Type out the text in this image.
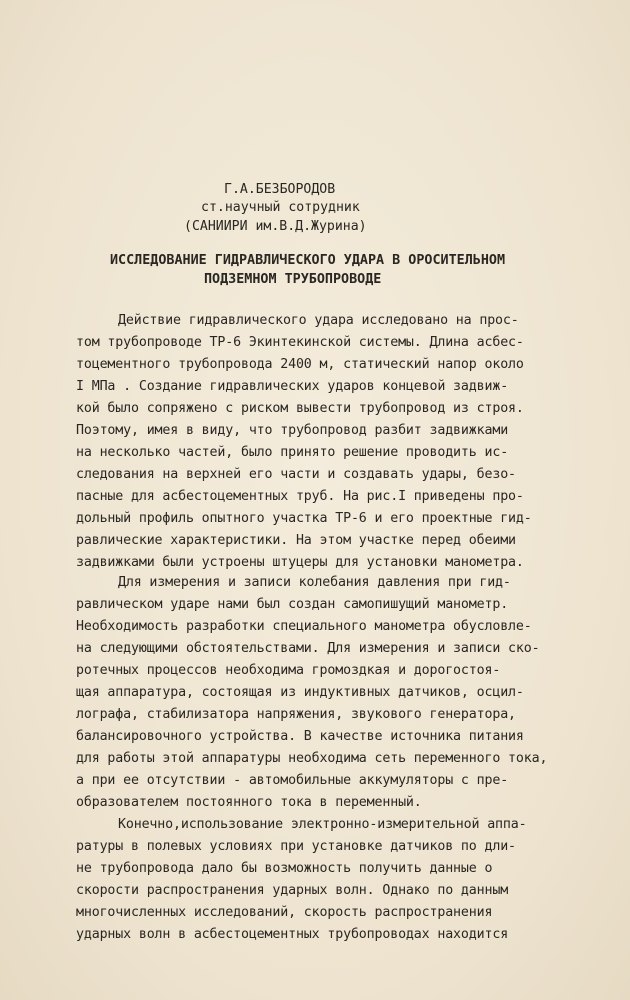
Г.А.БЕЗБОРОДОВ
ст.научный сотрудник
(САНИИРИ им.В.Д.Журина)
ИССЛЕДОВАНИЕ ГИДРАВЛИЧЕСКОГО УДАРА В ОРОСИТЕЛЬНОМ
ПОДЗЕМНОМ ТРУБОПРОВОДЕ
Действие гидравлического удара исследовано на прос-
том трубопроводе ТР-6 Экинтекинской системы. Длина асбес-
тоцементного трубопровода 2400 м, статический напор около
I МПа . Создание гидравлических ударов концевой задвиж-
кой было сопряжено с риском вывести трубопровод из строя.
Поэтому, имея в виду, что трубопровод разбит задвижками
на несколько частей, было принято решение проводить ис-
следования на верхней его части и создавать удары, безо-
пасные для асбестоцементных труб. На рис.I приведены про-
дольный профиль опытного участка ТР-6 и его проектные гид-
равлические характеристики. На этом участке перед обеими
задвижками были устроены штуцеры для установки манометра.
Для измерения и записи колебания давления при гид-
равлическом ударе нами был создан самопишущий манометр.
Необходимость разработки специального манометра обусловле-
на следующими обстоятельствами. Для измерения и записи ско-
ротечных процессов необходима громоздкая и дорогостоя-
щая аппаратура, состоящая из индуктивных датчиков, осцил-
лографа, стабилизатора напряжения, звукового генератора,
балансировочного устройства. В качестве источника питания
для работы этой аппаратуры необходима сеть переменного тока,
а при ее отсутствии - автомобильные аккумуляторы с пре-
образователем постоянного тока в переменный.
Конечно,использование электронно-измерительной аппа-
ратуры в полевых условиях при установке датчиков по дли-
не трубопровода дало бы возможность получить данные о
скорости распространения ударных волн. Однако по данным
многочисленных исследований, скорость распространения
ударных волн в асбестоцементных трубопроводах находится
